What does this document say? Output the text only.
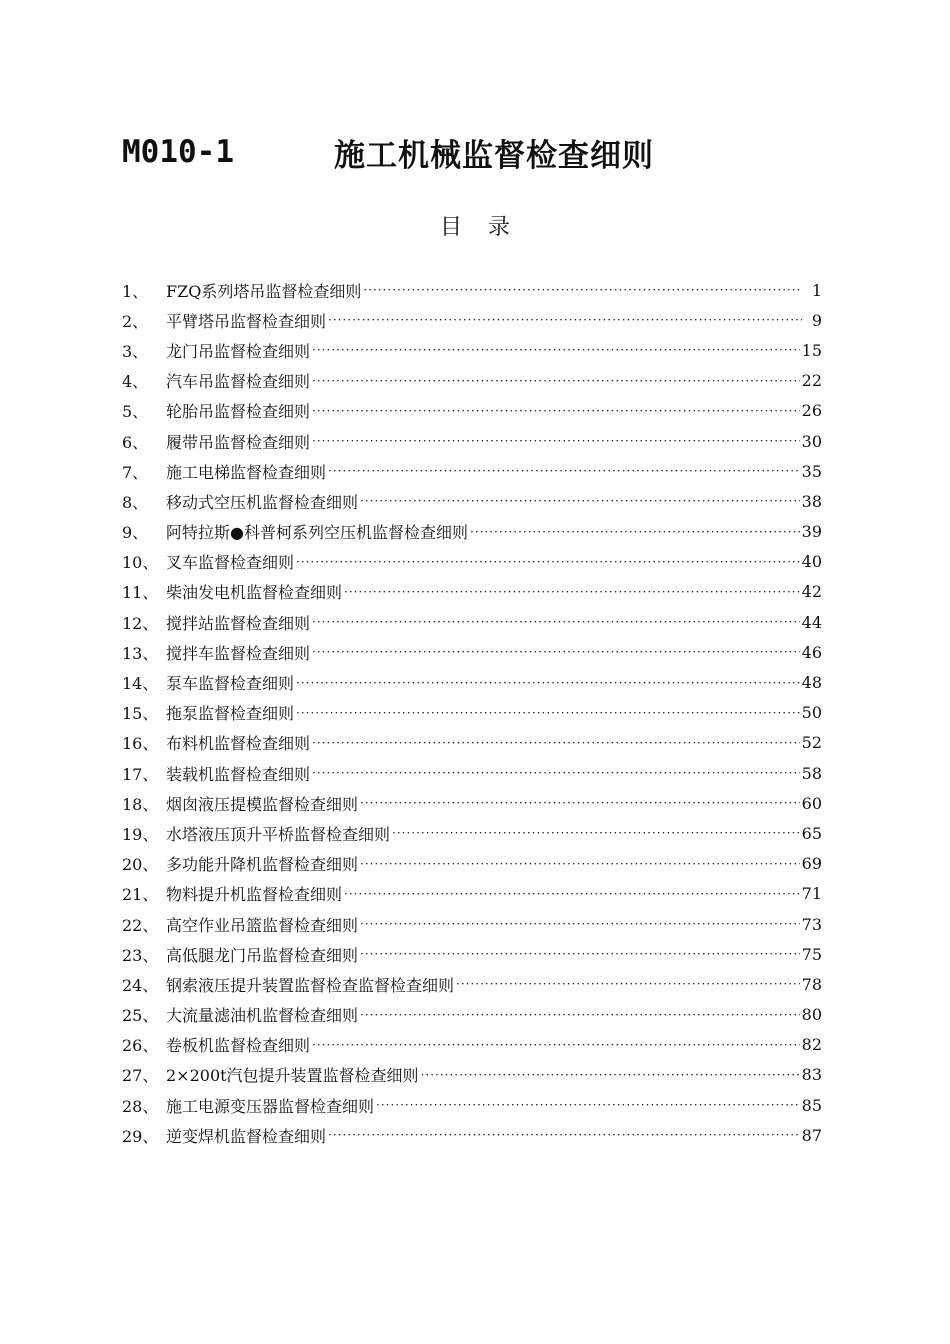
M010-1	施工机械监督检查细则
目录
1、	FZQ系列塔吊监督检查细则 ·····	1
2、	平臂塔吊监督检查细则 ·····	9
3、	龙门吊监督检查细则 ·····	15
4、	汽车吊监督检查细则 ·····	22
5、	轮胎吊监督检查细则 ·····	26
6、	履带吊监督检查细则 ·····	30
7、	施工电梯监督检查细则 ·····	35
8、	移动式空压机监督检查细则 ·····	38
9、	阿特拉斯●科普柯系列空压机监督检查细则 ·····	39
10、 叉车监督检查细则 ·····	40
11、 柴油发电机监督检查细则 ·····	42
12、 搅拌站监督检查细则 ·····	44
13、 搅拌车监督检查细则 ·····	46
14、 泵车监督检查细则 ·····	48
15、 拖泵监督检查细则 ·····	50
16、 布料机监督检查细则 ·····	52
17、 装载机监督检查细则 ·····	58
18、 烟囱液压提模监督检查细则 ·····	60
19、 水塔液压顶升平桥监督检查细则 ·····	65
20、 多功能升降机监督检查细则 ·····	69
21、 物料提升机监督检查细则 ·····	71
22、 高空作业吊篮监督检查细则 ·····	73
23、 高低腿龙门吊监督检查细则 ·····	75
24、 钢索液压提升装置监督检查监督检查细则 ·····	78
25、 大流量滤油机监督检查细则 ·····	80
26、 卷板机监督检查细则 ·····	82
27、 2×200t汽包提升装置监督检查细则 ·····	83
28、 施工电源变压器监督检查细则 ·····	85
29、 逆变焊机监督检查细则 ·····	87
